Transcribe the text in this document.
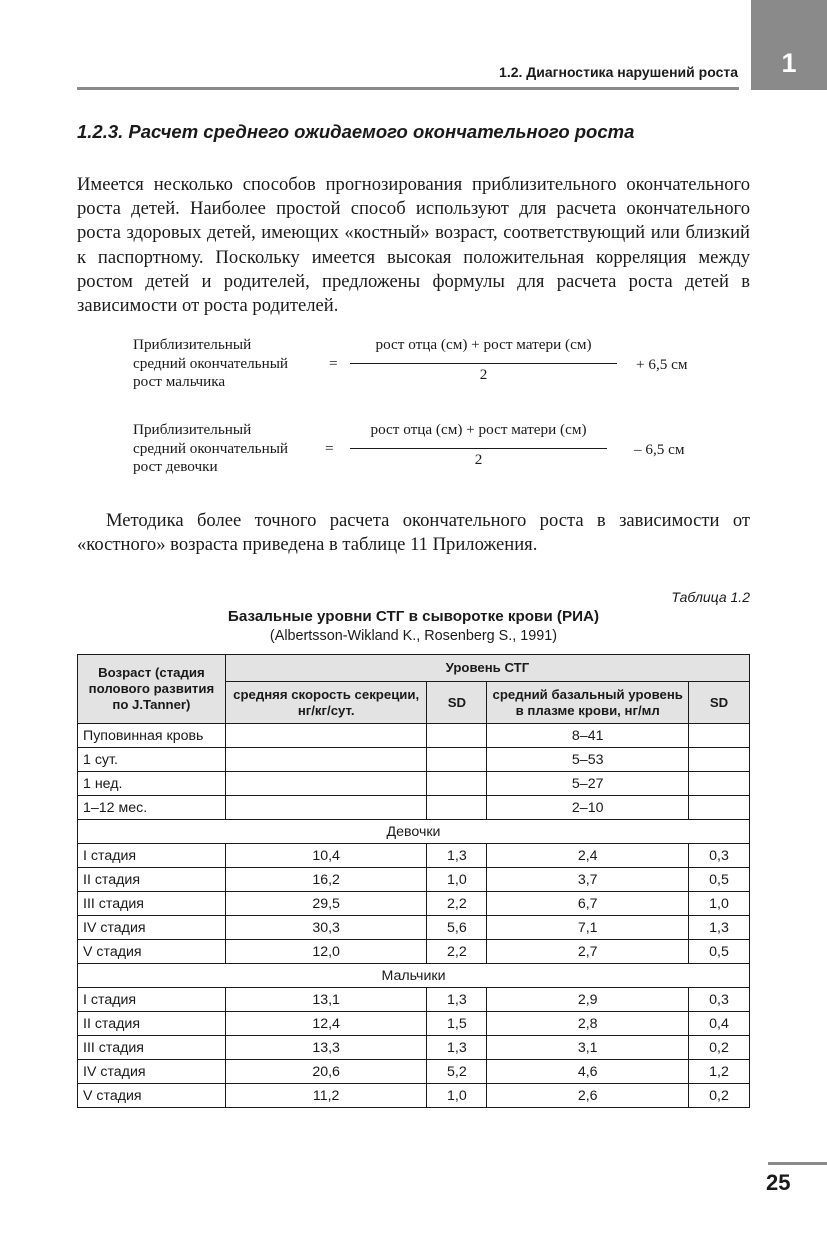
1.2. Диагностика нарушений роста	1
1.2.3. Расчет среднего ожидаемого окончательного роста
Имеется несколько способов прогнозирования приблизительного окончательного роста детей. Наиболее простой способ используют для расчета окончательного роста здоровых детей, имеющих «костный» возраст, соответствующий или близкий к паспортному. Поскольку имеется высокая положительная корреляция между ростом детей и родителей, предложены формулы для расчета роста детей в зависимости от роста родителей.
Приблизительный
средний окончательный
рост мальчика
=
рост отца (см) + рост матери (см)
2
+ 6,5 см
Приблизительный
средний окончательный
рост девочки
=
рост отца (см) + рост матери (см)
2
– 6,5 см
Методика более точного расчета окончательного роста в зависимости от «костного» возраста приведена в таблице 11 Приложения.
Таблица 1.2
Базальные уровни СТГ в сыворотке крови (РИА)
(Albertsson-Wikland K., Rosenberg S., 1991)
Возраст (стадия полового развития по J.Tanner)	Уровень СТГ			
	средняя скорость секреции, нг/кг/сут.	SD	средний базальный уровень в плазме крови, нг/мл	SD
Пуповинная кровь			8–41	
1 сут.			5–53	
1 нед.			5–27	
1–12 мес.			2–10	
Девочки				
I стадия	10,4	1,3	2,4	0,3
II стадия	16,2	1,0	3,7	0,5
III стадия	29,5	2,2	6,7	1,0
IV стадия	30,3	5,6	7,1	1,3
V стадия	12,0	2,2	2,7	0,5
Мальчики				
I стадия	13,1	1,3	2,9	0,3
II стадия	12,4	1,5	2,8	0,4
III стадия	13,3	1,3	3,1	0,2
IV стадия	20,6	5,2	4,6	1,2
V стадия	11,2	1,0	2,6	0,2
25
